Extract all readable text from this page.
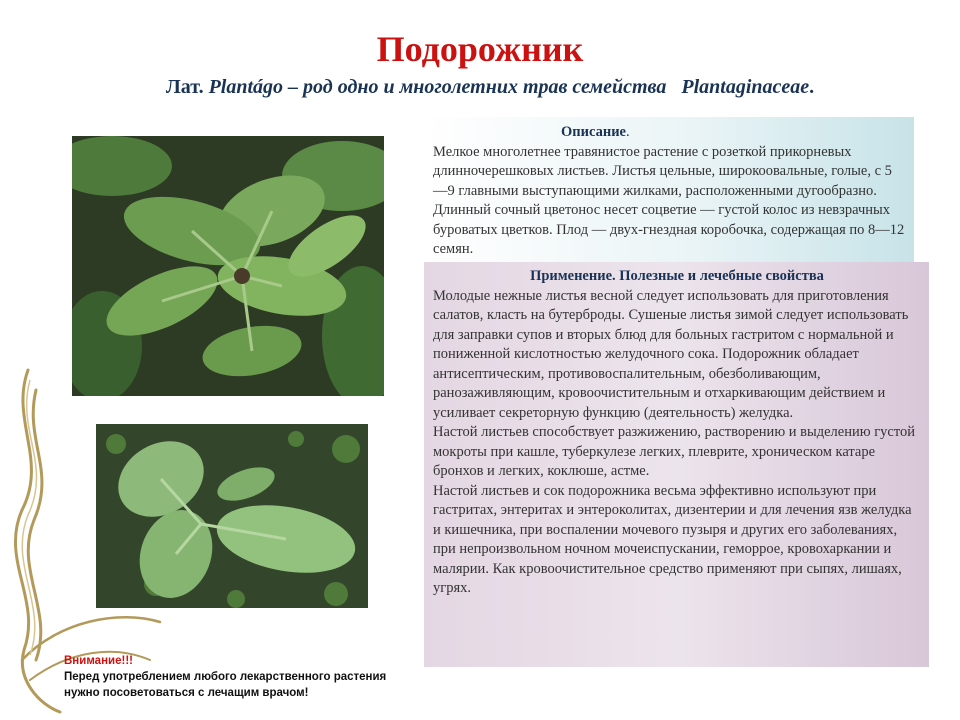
Подорожник
Лат. Plantágo – род одно и многолетних трав семейства   Plantaginaceae.
Описание.
Мелкое многолетнее травянистое растение с розеткой прикорневых длинночерешковых листьев. Листья цельные, широкоовальные, голые, с 5—9 главными выступающими жилками, расположенными дугообразно. Длинный сочный цветонос несет соцветие — густой колос из невзрачных буроватых цветков. Плод — двух-гнездная коробочка, содержащая по 8—12 семян.
Применение. Полезные и лечебные свойства
Молодые нежные листья весной следует использовать для приготовления салатов, класть на бутерброды. Сушеные листья зимой следует использовать для заправки супов и вторых блюд для больных гастритом с нормальной и пониженной кислотностью желудочного сока. Подорожник обладает антисептическим, противовоспалительным, обезболивающим, ранозаживляющим, кровоочистительным и отхаркивающим действием и усиливает секреторную функцию (деятельность) желудка.
Настой листьев способствует разжижению, растворению и выделению густой мокроты при кашле, туберкулезе легких, плеврите, хроническом катаре бронхов и легких, коклюше, астме.
Настой листьев и сок подорожника весьма эффективно используют при гастритах, энтеритах и энтероколитах, дизентерии и для лечения язв желудка и кишечника, при воспалении мочевого пузыря и других его заболеваниях, при непроизвольном ночном мочеиспускании, геморрое, кровохаркании и малярии. Как кровоочистительное средство применяют при сыпях, лишаях, угрях.
Внимание!!!
Перед употреблением любого лекарственного растения
нужно посоветоваться с лечащим врачом!
